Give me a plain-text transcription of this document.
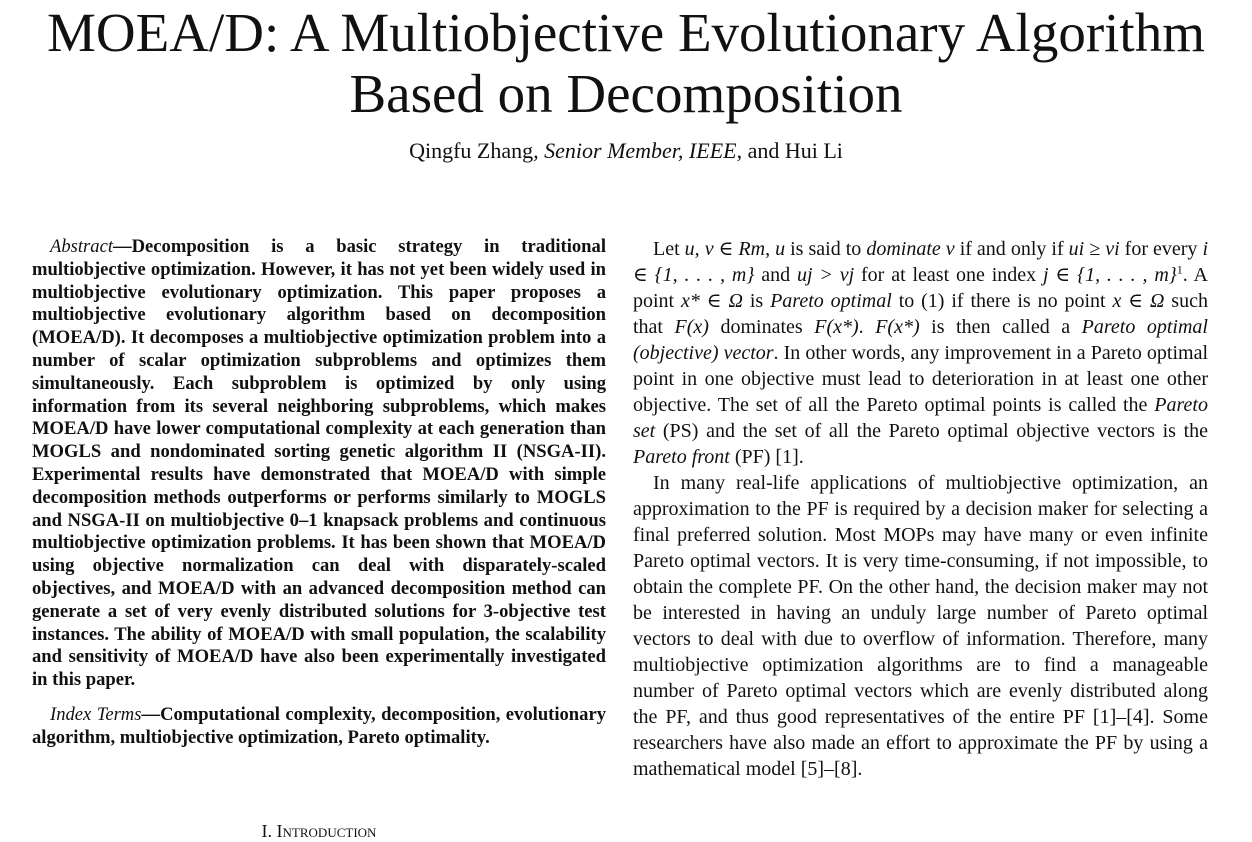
MOEA/D: A Multiobjective Evolutionary Algorithm
Based on Decomposition
Qingfu Zhang, Senior Member, IEEE, and Hui Li

Abstract—Decomposition is a basic strategy in traditional multiobjective optimization. However, it has not yet been widely used in multiobjective evolutionary optimization. This paper proposes a multiobjective evolutionary algorithm based on decomposition (MOEA/D). It decomposes a multiobjective optimization problem into a number of scalar optimization subproblems and optimizes them simultaneously. Each subproblem is optimized by only using information from its several neighboring subproblems, which makes MOEA/D have lower computational complexity at each generation than MOGLS and nondominated sorting genetic algorithm II (NSGA-II). Experimental results have demonstrated that MOEA/D with simple decomposition methods outperforms or performs similarly to MOGLS and NSGA-II on multiobjective 0–1 knapsack problems and continuous multiobjective optimization problems. It has been shown that MOEA/D using objective normalization can deal with disparately-scaled objectives, and MOEA/D with an advanced decomposition method can generate a set of very evenly distributed solutions for 3-objective test instances. The ability of MOEA/D with small population, the scalability and sensitivity of MOEA/D have also been experimentally investigated in this paper.

Index Terms—Computational complexity, decomposition, evolutionary algorithm, multiobjective optimization, Pareto optimality.

I. Introduction

Let u, v ∈ Rm, u is said to dominate v if and only if ui ≥ vi for every i ∈ {1, . . . , m} and uj > vj for at least one index j ∈ {1, . . . , m}$^1$. A point x* ∈ Ω is Pareto optimal to (1) if there is no point x ∈ Ω such that F(x) dominates F(x*). F(x*) is then called a Pareto optimal (objective) vector. In other words, any improvement in a Pareto optimal point in one objective must lead to deterioration in at least one other objective. The set of all the Pareto optimal points is called the Pareto set (PS) and the set of all the Pareto optimal objective vectors is the Pareto front (PF) [1].

In many real-life applications of multiobjective optimization, an approximation to the PF is required by a decision maker for selecting a final preferred solution. Most MOPs may have many or even infinite Pareto optimal vectors. It is very time-consuming, if not impossible, to obtain the complete PF. On the other hand, the decision maker may not be interested in having an unduly large number of Pareto optimal vectors to deal with due to overflow of information. Therefore, many multiobjective optimization algorithms are to find a manageable number of Pareto optimal vectors which are evenly distributed along the PF, and thus good representatives of the entire PF [1]–[4]. Some researchers have also made an effort to approximate the PF by using a mathematical model [5]–[8].
